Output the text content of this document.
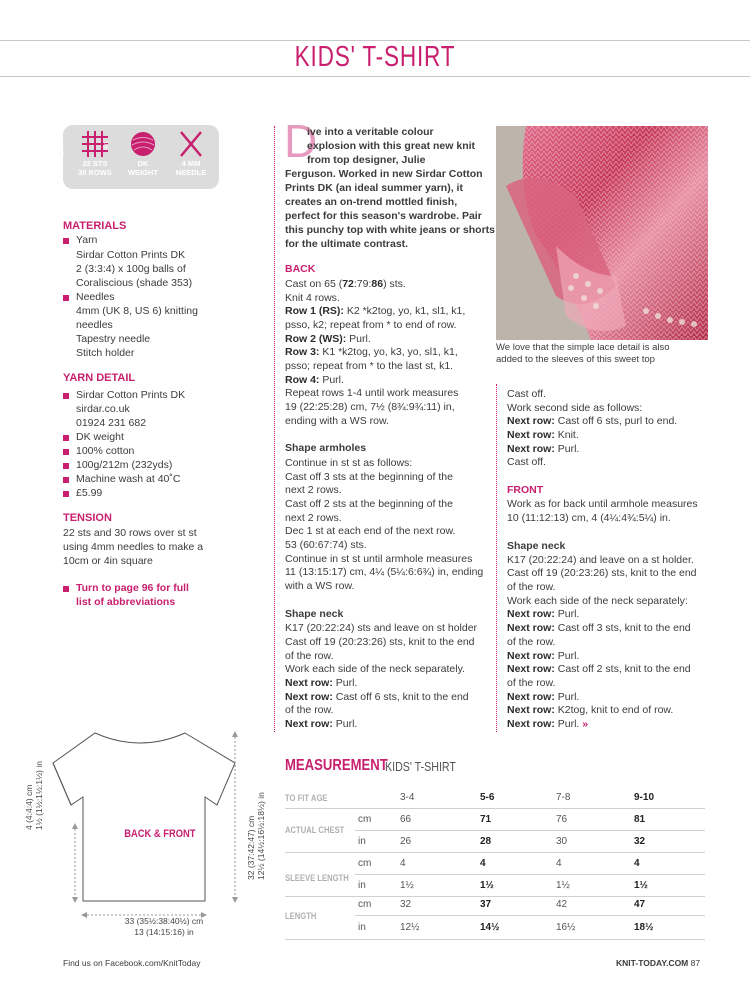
KIDS' T-SHIRT
22 STS
30 ROWS
10cm	4in
DK
WEIGHT
4 MM
NEEDLE
MATERIALS
Yarn
Sirdar Cotton Prints DK
2 (3:3:4) x 100g balls of
Coraliscious (shade 353)
Needles
4mm (UK 8, US 6) knitting
needles
Tapestry needle
Stitch holder
YARN DETAIL
Sirdar Cotton Prints DK
sirdar.co.uk
01924 231 682
DK weight
100% cotton
100g/212m (232yds)
Machine wash at 40˚C
£5.99
TENSION
22 sts and 30 rows over st st
using 4mm needles to make a
10cm or 4in square
Turn to page 96 for full
list of abbreviations
D
ive into a veritable colour
explosion with this great new knit
from top designer, Julie
Ferguson. Worked in new Sirdar Cotton
Prints DK (an ideal summer yarn), it
creates an on-trend mottled finish,
perfect for this season's wardrobe. Pair
this punchy top with white jeans or shorts
for the ultimate contrast.
BACK
Cast on 65 (72:79:86) sts.
Knit 4 rows.
Row 1 (RS): K2 *k2tog, yo, k1, sl1, k1,
psso, k2; repeat from * to end of row.
Row 2 (WS): Purl.
Row 3: K1 *k2tog, yo, k3, yo, sl1, k1,
psso; repeat from * to the last st, k1.
Row 4: Purl.
Repeat rows 1-4 until work measures
19 (22:25:28) cm, 7½ (8¾:9¾:11) in,
ending with a WS row.
Shape armholes
Continue in st st as follows:
Cast off 3 sts at the beginning of the
next 2 rows.
Cast off 2 sts at the beginning of the
next 2 rows.
Dec 1 st at each end of the next row.
53 (60:67:74) sts.
Continue in st st until armhole measures
11 (13:15:17) cm, 4¼ (5¼:6:6¾) in, ending
with a WS row.
Shape neck
K17 (20:22:24) sts and leave on st holder
Cast off 19 (20:23:26) sts, knit to the end
of the row.
Work each side of the neck separately.
Next row: Purl.
Next row: Cast off 6 sts, knit to the end
of the row.
Next row: Purl.
We love that the simple lace detail is also
added to the sleeves of this sweet top
Cast off.
Work second side as follows:
Next row: Cast off 6 sts, purl to end.
Next row: Knit.
Next row: Purl.
Cast off.
FRONT
Work as for back until armhole measures
10 (11:12:13) cm, 4 (4¼:4¾:5¼) in.
Shape neck
K17 (20:22:24) and leave on a st holder.
Cast off 19 (20:23:26) sts, knit to the end
of the row.
Work each side of the neck separately:
Next row: Purl.
Next row: Cast off 3 sts, knit to the end
of the row.
Next row: Purl.
Next row: Cast off 2 sts, knit to the end
of the row.
Next row: Purl.
Next row: K2tog, knit to end of row.
Next row: Purl. »
BACK & FRONT
4 (4:4:4) cm 1½ (1½:1½:1½) in
32 (37:42:47) cm 12½ (14½:16½:18½) in
33 (35½:38:40½) cm
13 (14:15:16) in
MEASUREMENT
KIDS' T-SHIRT
TO FIT AGE	3-4	5-6	7-8	9-10
ACTUAL CHEST
cm	66	71	76	81
in	26	28	30	32
SLEEVE LENGTH
cm	4	4	4	4
in	1½	1½	1½	1½
LENGTH
cm	32	37	42	47
in	12½	14½	16½	18½
Find us on Facebook.com/KnitToday	KNIT-TODAY.COM 87
